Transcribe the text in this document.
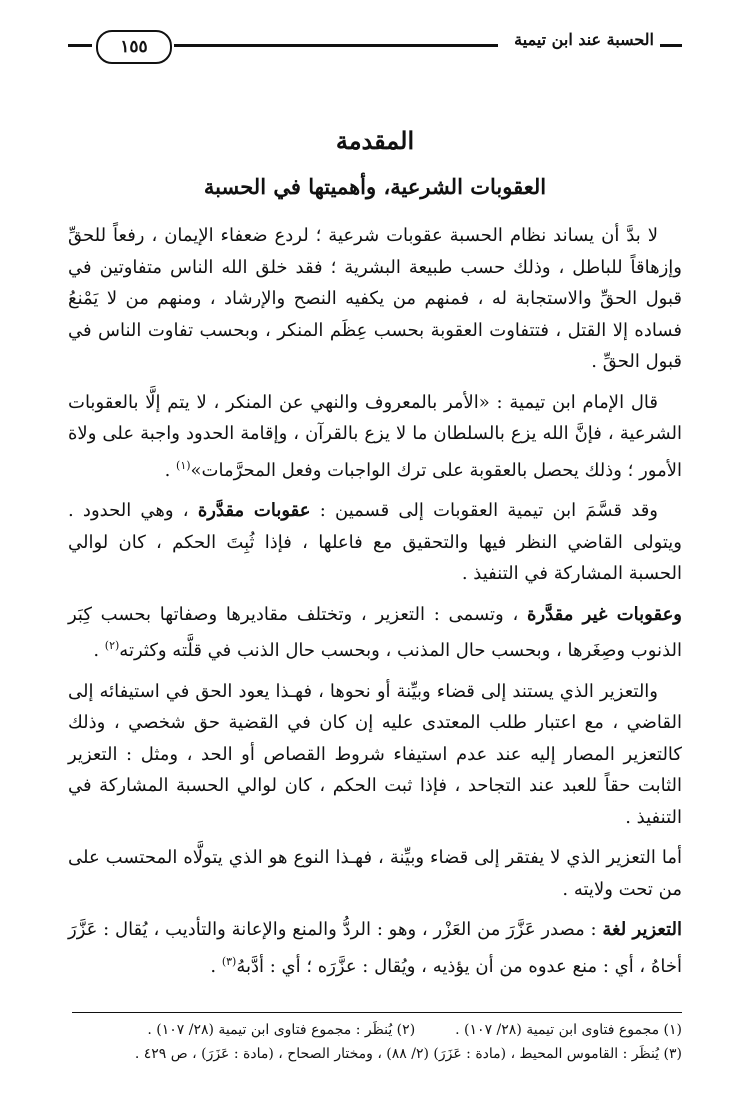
الحسبة عند ابن تيمية
١٥٥
المقدمة
العقوبات الشرعية، وأهميتها في الحسبة

لا بدَّ أن يساند نظام الحسبة عقوبات شرعية ؛ لردع ضعفاء الإيمان ، رفعاً للحقِّ وإزهاقاً للباطل ، وذلك حسب طبيعة البشرية ؛ فقد خلق الله الناس متفاوتين في قبول الحقِّ والاستجابة له ، فمنهم من يكفيه النصح والإرشاد ، ومنهم من لا يَمْنعُ فساده إلا القتل ، فتتفاوت العقوبة بحسب عِظَم المنكر ، وبحسب تفاوت الناس في قبول الحقِّ .

قال الإمام ابن تيمية : «الأمر بالمعروف والنهي عن المنكر ، لا يتم إلَّا بالعقوبات الشرعية ، فإنَّ الله يزع بالسلطان ما لا يزع بالقرآن ، وإقامة الحدود واجبة على ولاة الأمور ؛ وذلك يحصل بالعقوبة على ترك الواجبات وفعل المحرَّمات»$^{(١)}$ .

وقد قسَّمَ ابن تيمية العقوبات إلى قسمين : عقوبات مقدَّرة ، وهي الحدود . ويتولى القاضي النظر فيها والتحقيق مع فاعلها ، فإذا ثُبِتَ الحكم ، كان لوالي الحسبة المشاركة في التنفيذ .

وعقوبات غير مقدَّرة ، وتسمى : التعزير ، وتختلف مقاديرها وصفاتها بحسب كِبَر الذنوب وصِغَرها ، وبحسب حال المذنب ، وبحسب حال الذنب في قلَّته وكثرته$^{(٢)}$ .

والتعزير الذي يستند إلى قضاء وبيِّنة أو نحوها ، فهـذا يعود الحق في استيفائه إلى القاضي ، مع اعتبار طلب المعتدى عليه إن كان في القضية حق شخصي ، وذلك كالتعزير المصار إليه عند عدم استيفاء شروط القصاص أو الحد ، ومثل : التعزير الثابت حقاً للعبد عند التجاحد ، فإذا ثبت الحكم ، كان لوالي الحسبة المشاركة في التنفيذ .

أما التعزير الذي لا يفتقر إلى قضاء وبيِّنة ، فهـذا النوع هو الذي يتولَّاه المحتسب على من تحت ولايته .

التعزير لغة : مصدر عَزَّرَ من العَزْر ، وهو : الردُّ والمنع والإعانة والتأديب ، يُقال : عَزَّرَ أخاهُ ، أي : منع عدوه من أن يؤذيه ، ويُقال : عزَّرَه ؛ أي : أدَّبهُ$^{(٣)}$ .

(١) مجموع فتاوى ابن تيمية (٢٨/ ١٠٧) .
(٢) يُنظَر : مجموع فتاوى ابن تيمية (٢٨/ ١٠٧) .
(٣) يُنظَر : القاموس المحيط ، (مادة : عَزَرَ) (٢/ ٨٨) ، ومختار الصحاح ، (مادة : عَزَرَ) ، ص ٤٢٩ .
